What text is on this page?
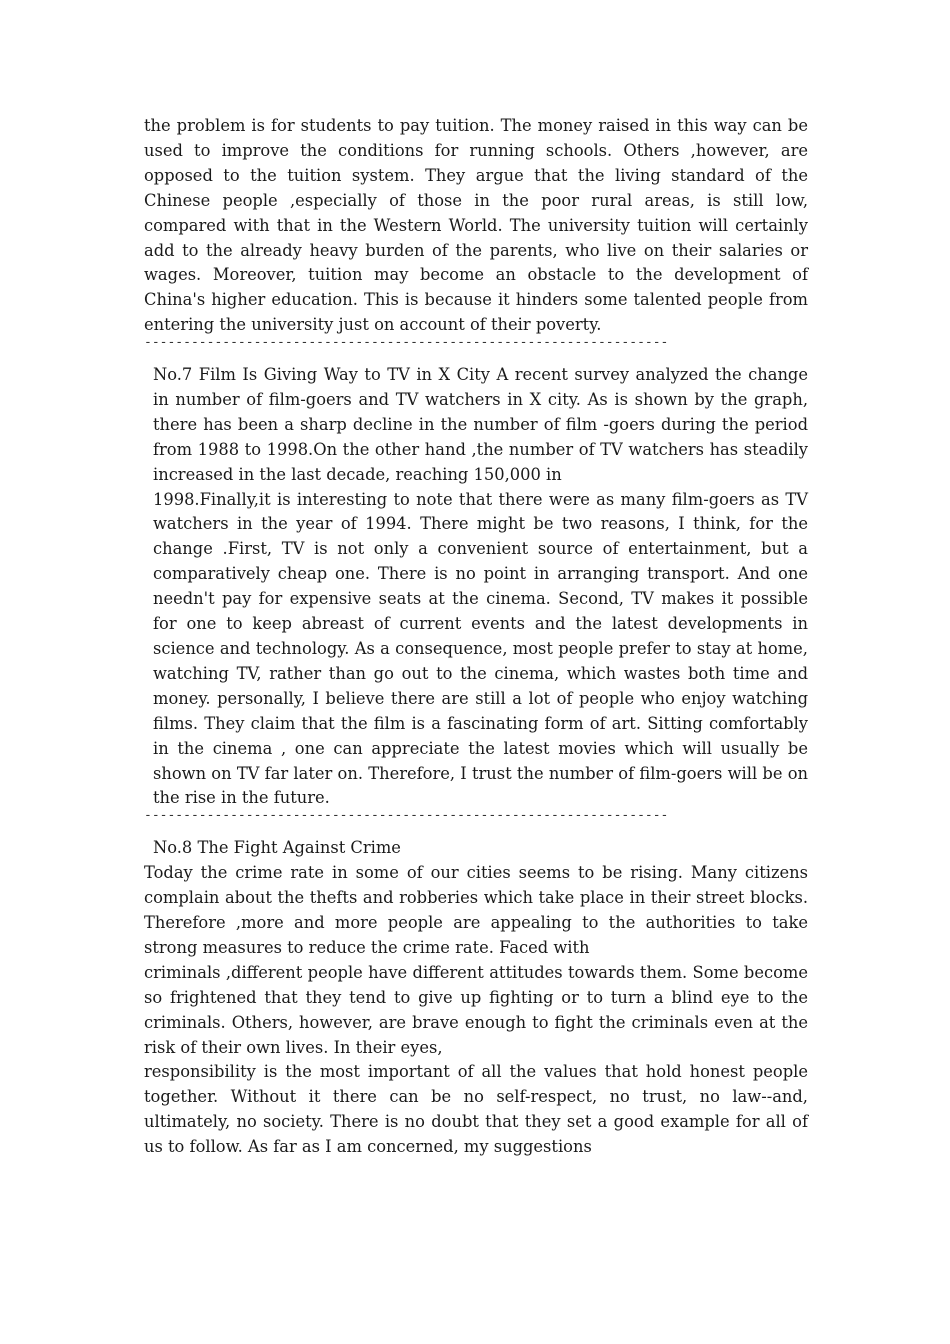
the problem is for students to pay tuition. The money raised in this way can be used to improve the conditions for running schools. Others ,however, are opposed to the tuition system. They argue that the living standard of the Chinese people ,especially of those in the poor rural areas, is still low, compared with that in the Western World. The university tuition will certainly add to the already heavy burden of the parents, who live on their salaries or wages. Moreover, tuition may become an obstacle to the development of China's higher education. This is because it hinders some talented people from entering the university just on account of their poverty.

-------------------------------------------------------------------

No.7 Film Is Giving Way to TV in X City A recent survey analyzed the change in number of film-goers and TV watchers in X city. As is shown by the graph, there has been a sharp decline in the number of film -goers during the period from 1988 to 1998.On the other hand ,the number of TV watchers has steadily increased in the last decade, reaching 150,000 in
1998.Finally,it is interesting to note that there were as many film-goers as TV watchers in the year of 1994. There might be two reasons, I think, for the change .First, TV is not only a convenient source of entertainment, but a comparatively cheap one. There is no point in arranging transport. And one needn't pay for expensive seats at the cinema. Second, TV makes it possible for one to keep abreast of current events and the latest developments in science and technology. As a consequence, most people prefer to stay at home, watching TV, rather than go out to the cinema, which wastes both time and money. personally, I believe there are still a lot of people who enjoy watching films. They claim that the film is a fascinating form of art. Sitting comfortably in the cinema , one can appreciate the latest movies which will usually be shown on TV far later on. Therefore, I trust the number of film-goers will be on the rise in the future.

-------------------------------------------------------------------

No.8 The Fight Against Crime

Today the crime rate in some of our cities seems to be rising. Many citizens complain about the thefts and robberies which take place in their street blocks. Therefore ,more and more people are appealing to the authorities to take strong measures to reduce the crime rate. Faced with
criminals ,different people have different attitudes towards them. Some become so frightened that they tend to give up fighting or to turn a blind eye to the criminals. Others, however, are brave enough to fight the criminals even at the risk of their own lives. In their eyes,
responsibility is the most important of all the values that hold honest people together. Without it there can be no self-respect, no trust, no law--and, ultimately, no society. There is no doubt that they set a good example for all of us to follow. As far as I am concerned, my suggestions
